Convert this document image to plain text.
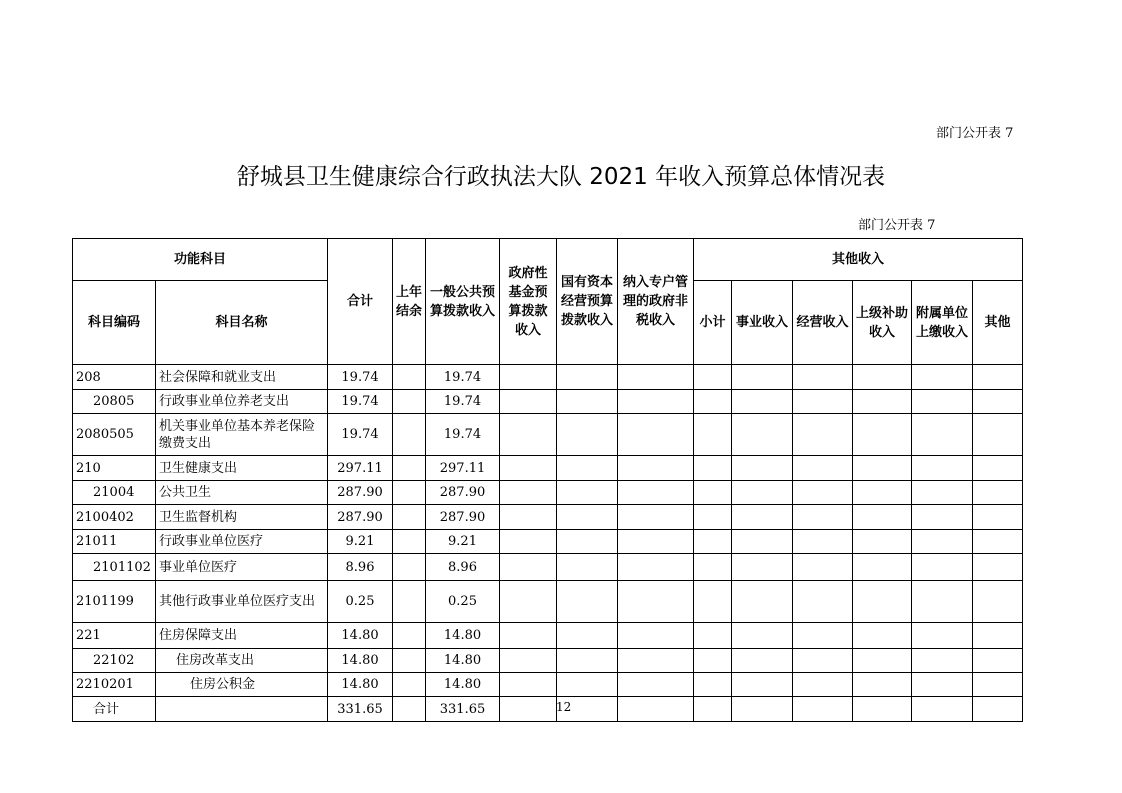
部门公开表 7
舒城县卫生健康综合行政执法大队 2021 年收入预算总体情况表
部门公开表 7
功能科目		合计	上年结余	一般公共预算拨款收入	政府性基金预算拨款收入	国有资本经营预算拨款收入	纳入专户管理的政府非税收入	其他收入					
科目编码	科目名称							小计	事业收入	经营收入	上级补助收入	附属单位上缴收入	其他
208	社会保障和就业支出	19.74		19.74									
20805	行政事业单位养老支出	19.74		19.74									
2080505	机关事业单位基本养老保险缴费支出	19.74		19.74									
210	卫生健康支出	297.11		297.11									
21004	公共卫生	287.90		287.90									
2100402	卫生监督机构	287.90		287.90									
21011	行政事业单位医疗	9.21		9.21									
2101102	事业单位医疗	8.96		8.96									
2101199	其他行政事业单位医疗支出	0.25		0.25									
221	住房保障支出	14.80		14.80									
22102	住房改革支出	14.80		14.80									
2210201	住房公积金	14.80		14.80									
合计		331.65		331.65										12
